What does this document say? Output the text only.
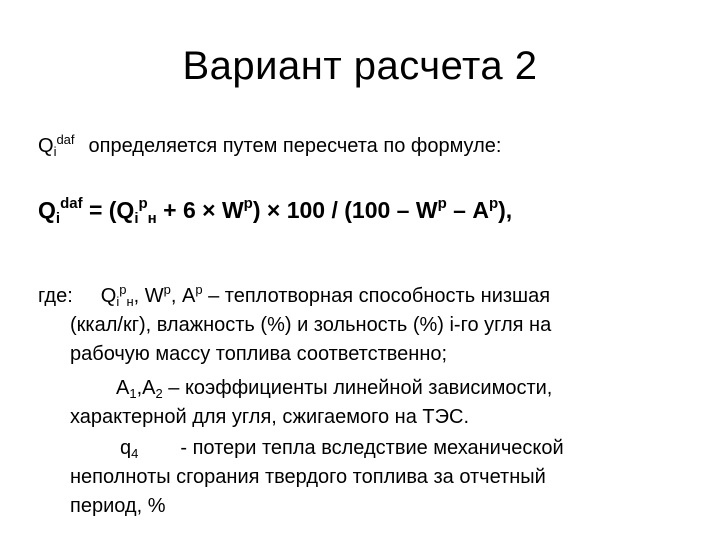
Вариант расчета 2
$Q_i^{daf}$ определяется путем пересчета по формуле:
$Q_i^{daf} = (Q_i^р_н + 6 \times W^р) \times 100 / (100 - W^р - A^р)$,
где: $Q_i^р_н$, $W^р$, $A^р$ – теплотворная способность низшая
(ккал/кг), влажность (%) и зольность (%) i-го угля на
рабочую массу топлива соответственно;
$A_1,A_2$ – коэффициенты линейной зависимости,
характерной для угля, сжигаемого на ТЭС.
$q_4$ - потери тепла вследствие механической
неполноты сгорания твердого топлива за отчетный
период, %
